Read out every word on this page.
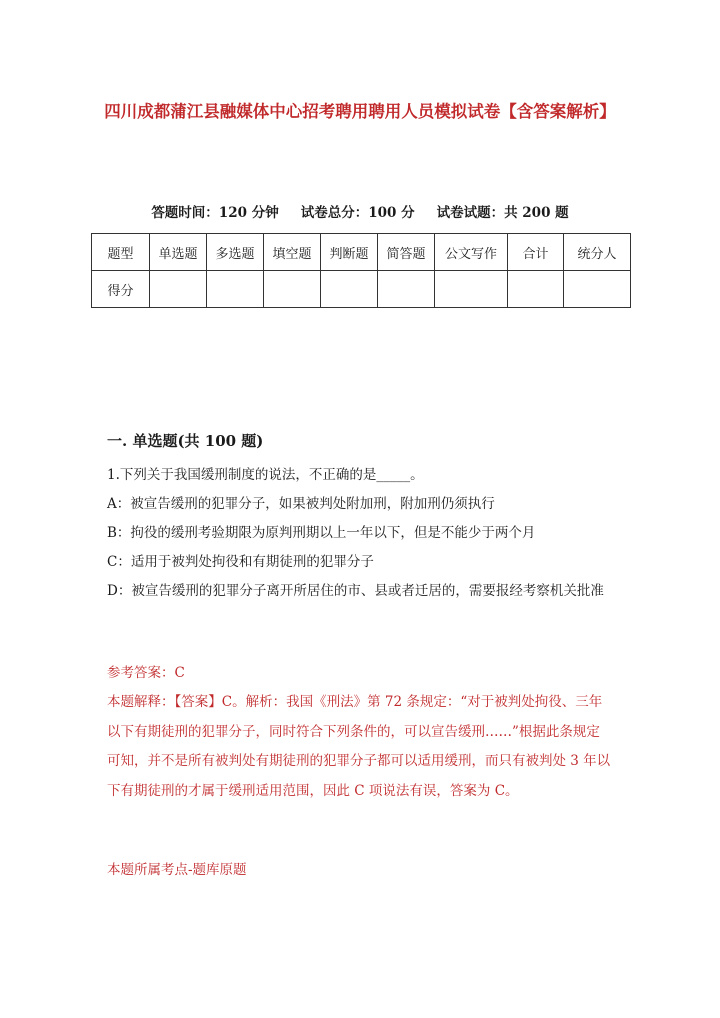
四川成都蒲江县融媒体中心招考聘用聘用人员模拟试卷【含答案解析】
答题时间：120 分钟 试卷总分：100 分 试卷试题：共 200 题
题型	单选题	多选题	填空题	判断题	简答题	公文写作	合计	统分人
得分								
一. 单选题(共 100 题)
1.下列关于我国缓刑制度的说法，不正确的是_____。
A：被宣告缓刑的犯罪分子，如果被判处附加刑，附加刑仍须执行
B：拘役的缓刑考验期限为原判刑期以上一年以下，但是不能少于两个月
C：适用于被判处拘役和有期徒刑的犯罪分子
D：被宣告缓刑的犯罪分子离开所居住的市、县或者迁居的，需要报经考察机关批准
参考答案：C
本题解释：【答案】C。解析：我国《刑法》第 72 条规定：“对于被判处拘役、三年以下有期徒刑的犯罪分子，同时符合下列条件的，可以宣告缓刑……”根据此条规定可知，并不是所有被判处有期徒刑的犯罪分子都可以适用缓刑，而只有被判处 3 年以下有期徒刑的才属于缓刑适用范围，因此 C 项说法有误，答案为 C。
本题所属考点-题库原题
